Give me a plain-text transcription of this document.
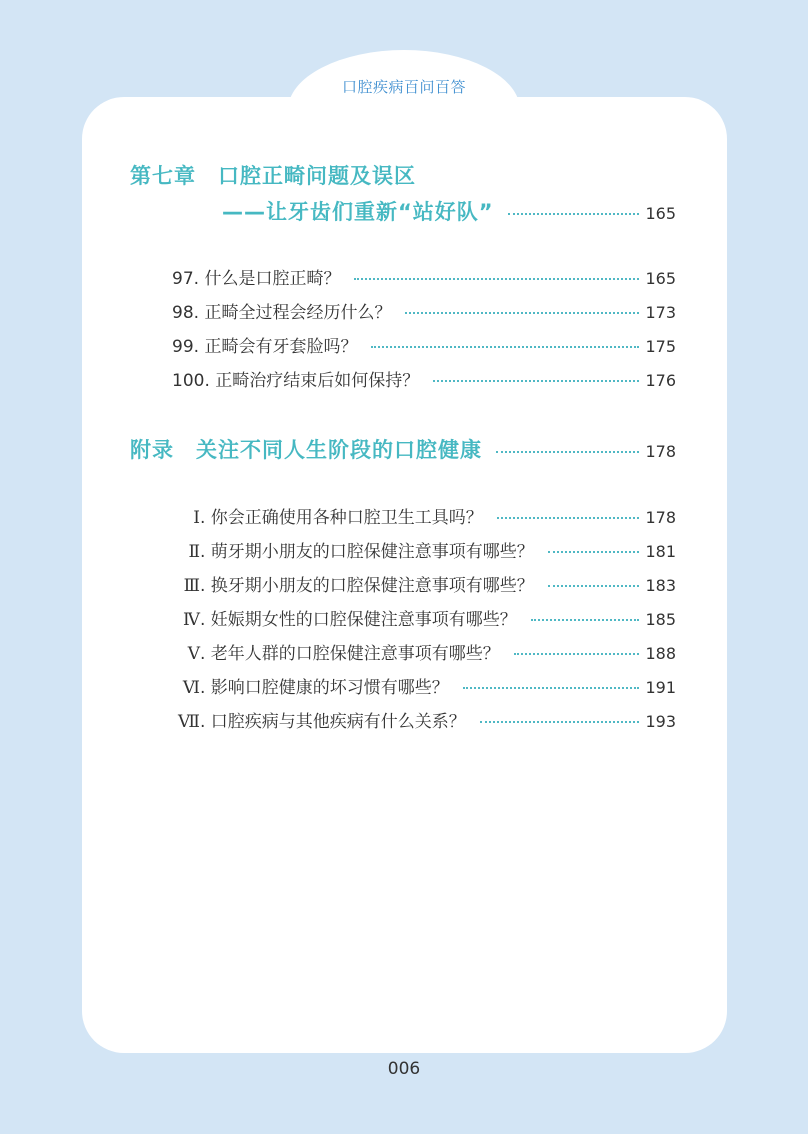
口腔疾病百问百答
第七章　口腔正畸问题及误区
——让牙齿们重新“站好队”	165
97. 什么是口腔正畸？	165
98. 正畸全过程会经历什么？	173
99. 正畸会有牙套脸吗？	175
100. 正畸治疗结束后如何保持？	176
附录　关注不同人生阶段的口腔健康	178
Ⅰ. 你会正确使用各种口腔卫生工具吗？	178
Ⅱ. 萌牙期小朋友的口腔保健注意事项有哪些？	181
Ⅲ. 换牙期小朋友的口腔保健注意事项有哪些？	183
Ⅳ. 妊娠期女性的口腔保健注意事项有哪些？	185
Ⅴ. 老年人群的口腔保健注意事项有哪些？	188
Ⅵ. 影响口腔健康的坏习惯有哪些？	191
Ⅶ. 口腔疾病与其他疾病有什么关系？	193
006
